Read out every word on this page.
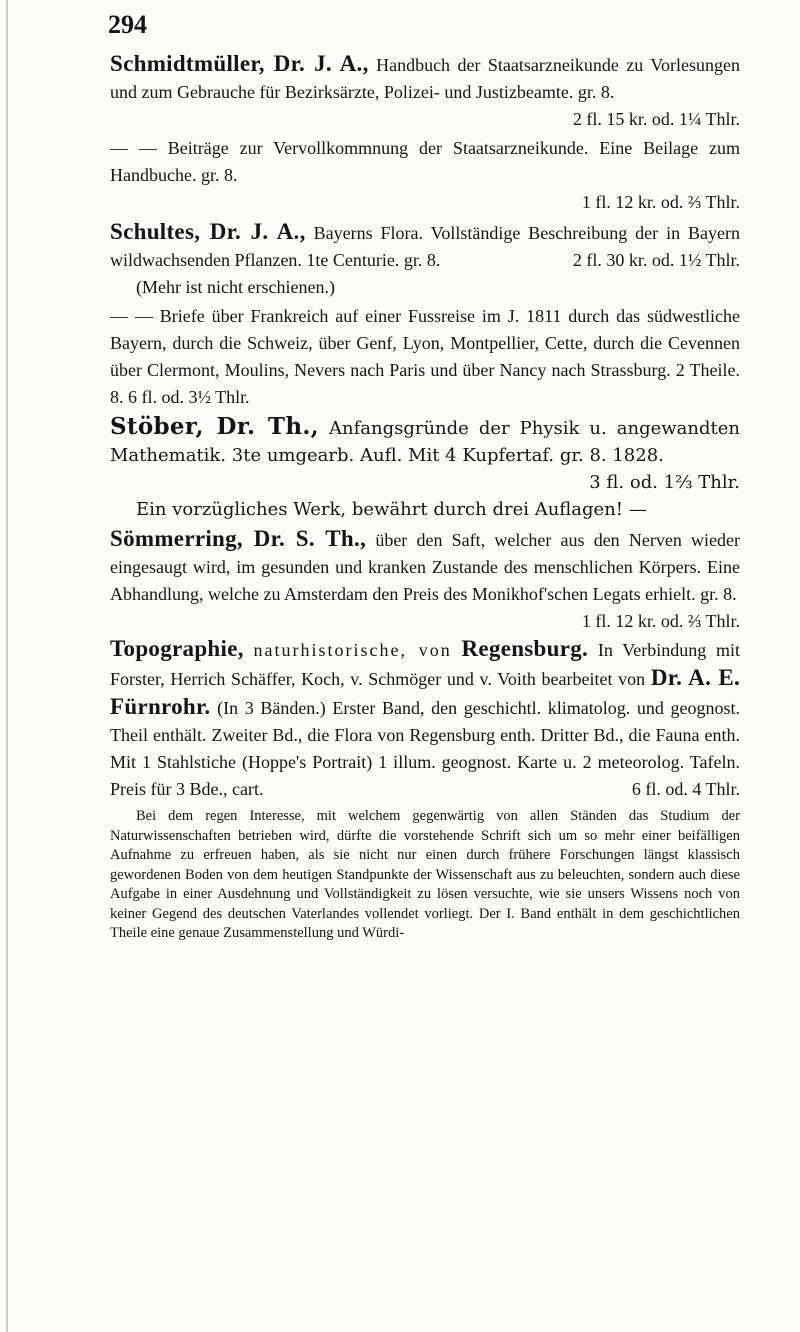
294
Schmidtmüller, Dr. J. A., Handbuch der Staatsarzneikunde zu Vorlesungen und zum Gebrauche für Bezirksärzte, Polizei- und Justizbeamte. gr. 8.
2 fl. 15 kr. od. 1¼ Thlr.
— — Beiträge zur Vervollkommnung der Staatsarzneikunde. Eine Beilage zum Handbuche. gr. 8.
1 fl. 12 kr. od. ⅔ Thlr.
Schultes, Dr. J. A., Bayerns Flora. Vollständige Beschreibung der in Bayern wildwachsenden Pflanzen. 1te Centurie. gr. 8.	2 fl. 30 kr. od. 1½ Thlr.
(Mehr ist nicht erschienen.)
— — Briefe über Frankreich auf einer Fussreise im J. 1811 durch das südwestliche Bayern, durch die Schweiz, über Genf, Lyon, Montpellier, Cette, durch die Cevennen über Clermont, Moulins, Nevers nach Paris und über Nancy nach Strassburg. 2 Theile. 8. 6 fl. od. 3½ Thlr.
Stöber, Dr. Th., Anfangsgründe der Physik u. angewandten Mathematik. 3te umgearb. Aufl. Mit 4 Kupfertaf. gr. 8. 1828.
3 fl. od. 1⅔ Thlr.
Ein vorzügliches Werk, bewährt durch drei Auflagen! —
Sömmerring, Dr. S. Th., über den Saft, welcher aus den Nerven wieder eingesaugt wird, im gesunden und kranken Zustande des menschlichen Körpers. Eine Abhandlung, welche zu Amsterdam den Preis des Monikhof'schen Legats erhielt. gr. 8.
1 fl. 12 kr. od. ⅔ Thlr.
Topographie, naturhistorische, von Regensburg. In Verbindung mit Forster, Herrich Schäffer, Koch, v. Schmöger und v. Voith bearbeitet von Dr. A. E. Fürnrohr. (In 3 Bänden.) Erster Band, den geschichtl. klimatolog. und geognost. Theil enthält. Zweiter Bd., die Flora von Regensburg enth. Dritter Bd., die Fauna enth. Mit 1 Stahlstiche (Hoppe's Portrait) 1 illum. geognost. Karte u. 2 meteorolog. Tafeln. Preis für 3 Bde., cart.	6 fl. od. 4 Thlr.
Bei dem regen Interesse, mit welchem gegenwärtig von allen Ständen das Studium der Naturwissenschaften betrieben wird, dürfte die vorstehende Schrift sich um so mehr einer beifälligen Aufnahme zu erfreuen haben, als sie nicht nur einen durch frühere Forschungen längst klassisch gewordenen Boden von dem heutigen Standpunkte der Wissenschaft aus zu beleuchten, sondern auch diese Aufgabe in einer Ausdehnung und Vollständigkeit zu lösen versuchte, wie sie unsers Wissens noch von keiner Gegend des deutschen Vaterlandes vollendet vorliegt. Der I. Band enthält in dem geschichtlichen Theile eine genaue Zusammenstellung und Würdi-
